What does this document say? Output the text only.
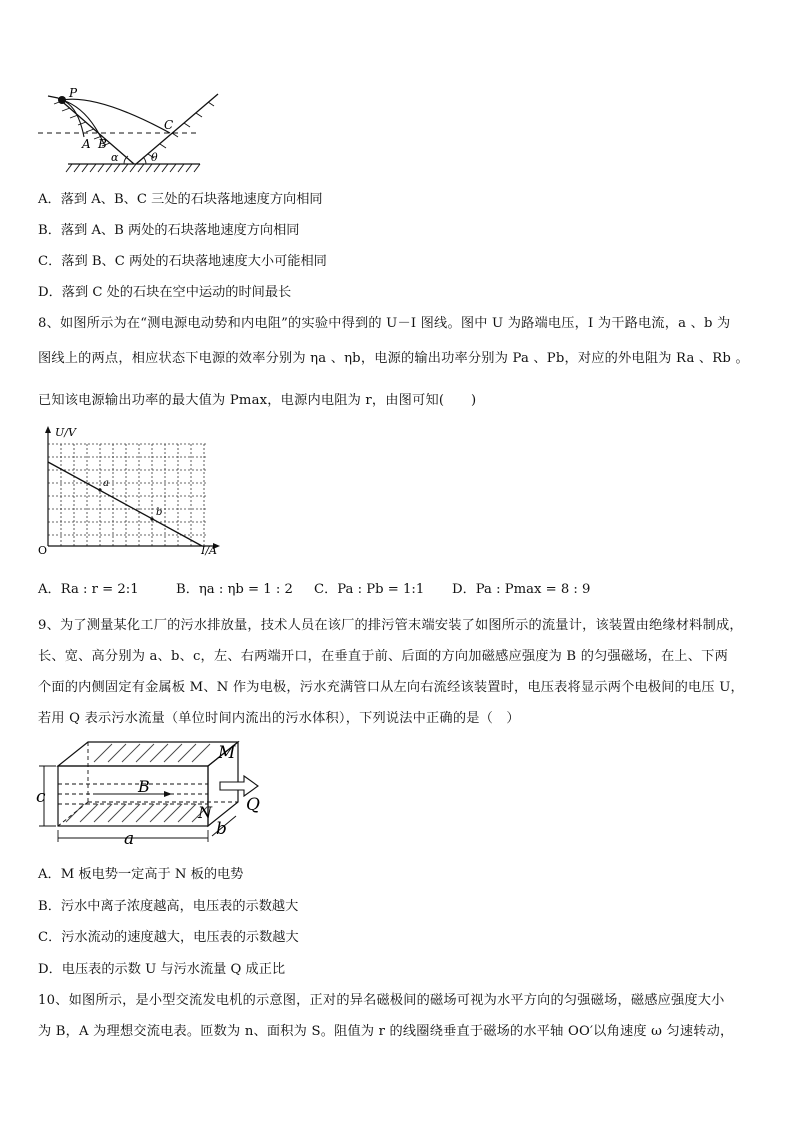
P
C
A B
α	θ
A．落到 A、B、C 三处的石块落地速度方向相同
B．落到 A、B 两处的石块落地速度方向相同
C．落到 B、C 两处的石块落地速度大小可能相同
D．落到 C 处的石块在空中运动的时间最长
8、如图所示为在“测电源电动势和内电阻”的实验中得到的 U－I 图线。图中 U 为路端电压，I 为干路电流，a 、b 为
图线上的两点，相应状态下电源的效率分别为 ηa 、ηb，电源的输出功率分别为 Pa 、Pb，对应的外电阻为 Ra 、Rb 。
已知该电源输出功率的最大值为 Pmax，电源内电阻为 r，由图可知(　　)
U/V
I/A
O
a
b
A．Ra : r = 2:1	B．ηa : ηb = 1 : 2 C．Pa : Pb = 1:1 D．Pa : Pmax = 8 : 9
9、为了测量某化工厂的污水排放量，技术人员在该厂的排污管末端安装了如图所示的流量计，该装置由绝缘材料制成，
长、宽、高分别为 a、b、c，左、右两端开口，在垂直于前、后面的方向加磁感应强度为 B 的匀强磁场，在上、下两
个面的内侧固定有金属板 M、N 作为电极，污水充满管口从左向右流经该装置时，电压表将显示两个电极间的电压 U，
若用 Q 表示污水流量（单位时间内流出的污水体积），下列说法中正确的是（　）
c
M
B
N Q
a	b
A．M 板电势一定高于 N 板的电势
B．污水中离子浓度越高，电压表的示数越大
C．污水流动的速度越大，电压表的示数越大
D．电压表的示数 U 与污水流量 Q 成正比
10、如图所示，是小型交流发电机的示意图，正对的异名磁极间的磁场可视为水平方向的匀强磁场，磁感应强度大小
为 B，A 为理想交流电表。匝数为 n、面积为 S。阻值为 r 的线圈绕垂直于磁场的水平轴 OO′以角速度 ω 匀速转动，
